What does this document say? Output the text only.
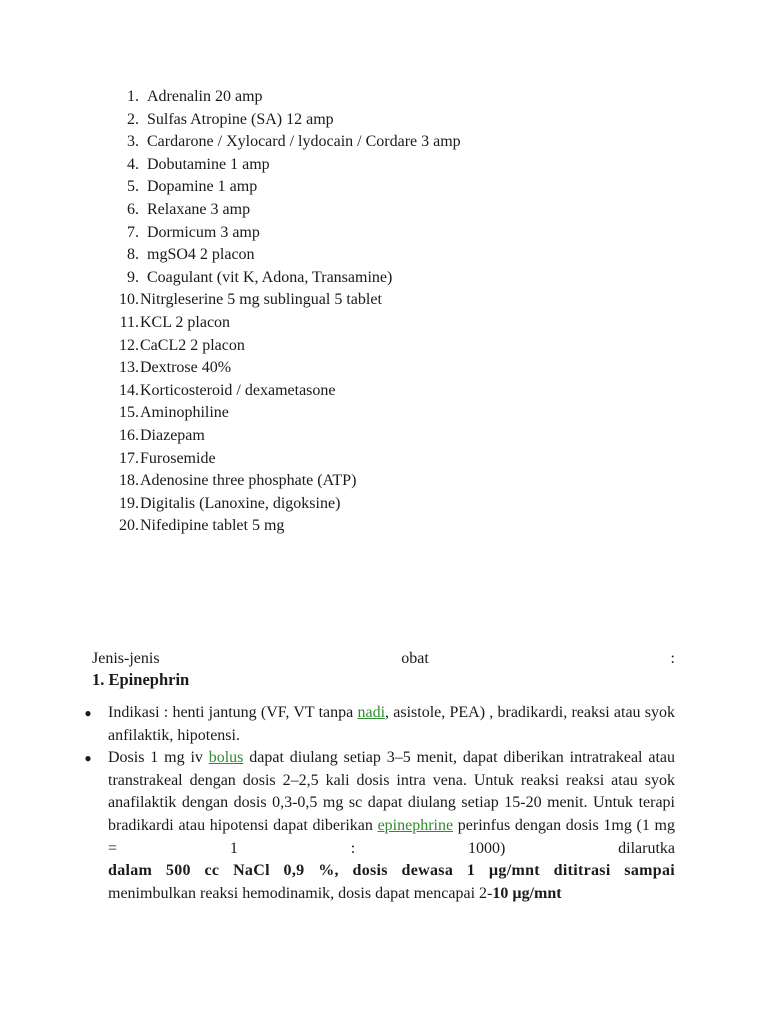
1. Adrenalin 20 amp
2. Sulfas Atropine (SA) 12 amp
3. Cardarone / Xylocard / lydocain / Cordare 3 amp
4. Dobutamine 1 amp
5. Dopamine 1 amp
6. Relaxane 3 amp
7. Dormicum 3 amp
8. mgSO4 2 placon
9. Coagulant (vit K, Adona, Transamine)
10. Nitrgleserine 5 mg sublingual 5 tablet
11. KCL 2 placon
12. CaCL2 2 placon
13. Dextrose 40%
14. Korticosteroid / dexametasone
15. Aminophiline
16. Diazepam
17. Furosemide
18. Adenosine three phosphate (ATP)
19. Digitalis (Lanoxine, digoksine)
20. Nifedipine tablet 5 mg
Jenis-jenis	obat	:
1. Epinephrin
● Indikasi : henti jantung (VF, VT tanpa nadi, asistole, PEA) , bradikardi, reaksi atau syok anfilaktik, hipotensi.
● Dosis 1 mg iv bolus dapat diulang setiap 3–5 menit, dapat diberikan intratrakeal atau transtrakeal dengan dosis 2–2,5 kali dosis intra vena. Untuk reaksi reaksi atau syok anafilaktik dengan dosis 0,3-0,5 mg sc dapat diulang setiap 15-20 menit. Untuk terapi bradikardi atau hipotensi dapat diberikan epinephrine perinfus dengan dosis 1mg (1 mg = 1 : 1000) dilarutka
dalam 500 cc NaCl 0,9 %, dosis dewasa 1 µg/mnt dititrasi sampai
menimbulkan reaksi hemodinamik, dosis dapat mencapai 2-10 µg/mnt
